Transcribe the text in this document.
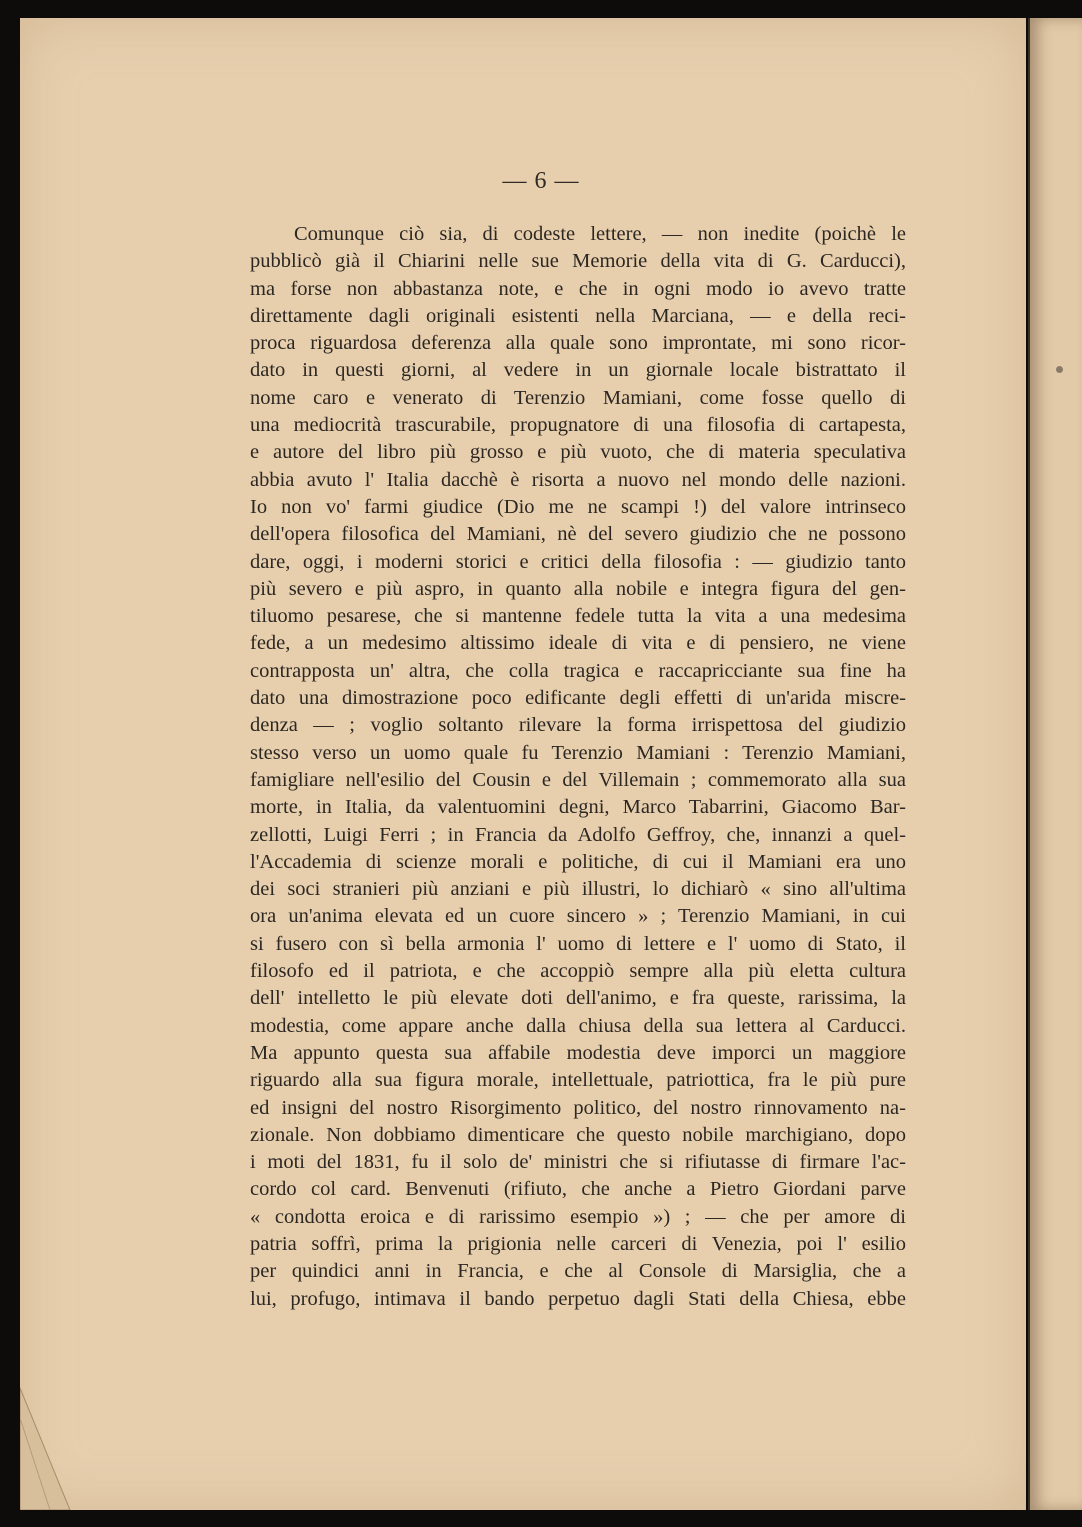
— 6 —
Comunque ciò sia, di codeste lettere, — non inedite (poichè le
pubblicò già il Chiarini nelle sue Memorie della vita di G. Carducci),
ma forse non abbastanza note, e che in ogni modo io avevo tratte
direttamente dagli originali esistenti nella Marciana, — e della reci-
proca riguardosa deferenza alla quale sono improntate, mi sono ricor-
dato in questi giorni, al vedere in un giornale locale bistrattato il
nome caro e venerato di Terenzio Mamiani, come fosse quello di
una mediocrità trascurabile, propugnatore di una filosofia di cartapesta,
e autore del libro più grosso e più vuoto, che di materia speculativa
abbia avuto l' Italia dacchè è risorta a nuovo nel mondo delle nazioni.
Io non vo' farmi giudice (Dio me ne scampi !) del valore intrinseco
dell'opera filosofica del Mamiani, nè del severo giudizio che ne possono
dare, oggi, i moderni storici e critici della filosofia : — giudizio tanto
più severo e più aspro, in quanto alla nobile e integra figura del gen-
tiluomo pesarese, che si mantenne fedele tutta la vita a una medesima
fede, a un medesimo altissimo ideale di vita e di pensiero, ne viene
contrapposta un' altra, che colla tragica e raccapricciante sua fine ha
dato una dimostrazione poco edificante degli effetti di un'arida miscre-
denza — ; voglio soltanto rilevare la forma irrispettosa del giudizio
stesso verso un uomo quale fu Terenzio Mamiani : Terenzio Mamiani,
famigliare nell'esilio del Cousin e del Villemain ; commemorato alla sua
morte, in Italia, da valentuomini degni, Marco Tabarrini, Giacomo Bar-
zellotti, Luigi Ferri ; in Francia da Adolfo Geffroy, che, innanzi a quel-
l'Accademia di scienze morali e politiche, di cui il Mamiani era uno
dei soci stranieri più anziani e più illustri, lo dichiarò « sino all'ultima
ora un'anima elevata ed un cuore sincero » ; Terenzio Mamiani, in cui
si fusero con sì bella armonia l' uomo di lettere e l' uomo di Stato, il
filosofo ed il patriota, e che accoppiò sempre alla più eletta cultura
dell' intelletto le più elevate doti dell'animo, e fra queste, rarissima, la
modestia, come appare anche dalla chiusa della sua lettera al Carducci.
Ma appunto questa sua affabile modestia deve imporci un maggiore
riguardo alla sua figura morale, intellettuale, patriottica, fra le più pure
ed insigni del nostro Risorgimento politico, del nostro rinnovamento na-
zionale. Non dobbiamo dimenticare che questo nobile marchigiano, dopo
i moti del 1831, fu il solo de' ministri che si rifiutasse di firmare l'ac-
cordo col card. Benvenuti (rifiuto, che anche a Pietro Giordani parve
« condotta eroica e di rarissimo esempio ») ; — che per amore di
patria soffrì, prima la prigionia nelle carceri di Venezia, poi l' esilio
per quindici anni in Francia, e che al Console di Marsiglia, che a
lui, profugo, intimava il bando perpetuo dagli Stati della Chiesa, ebbe
